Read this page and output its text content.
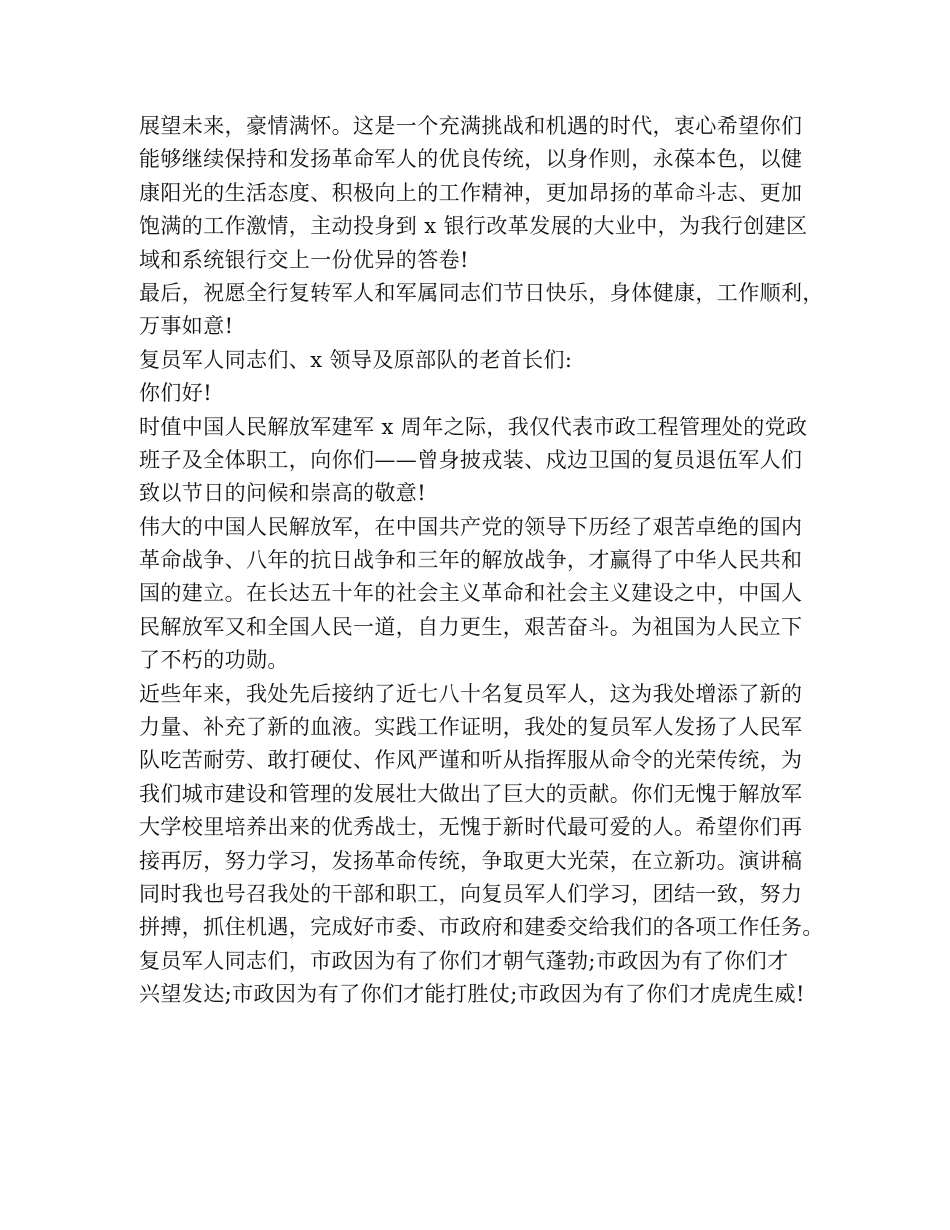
展望未来，豪情满怀。这是一个充满挑战和机遇的时代，衷心希望你们
能够继续保持和发扬革命军人的优良传统，以身作则，永葆本色，以健
康阳光的生活态度、积极向上的工作精神，更加昂扬的革命斗志、更加
饱满的工作激情，主动投身到 x 银行改革发展的大业中，为我行创建区
域和系统银行交上一份优异的答卷!
最后，祝愿全行复转军人和军属同志们节日快乐，身体健康，工作顺利，
万事如意!
复员军人同志们、x 领导及原部队的老首长们:
你们好!
时值中国人民解放军建军 x 周年之际，我仅代表市政工程管理处的党政
班子及全体职工，向你们——曾身披戎装、戍边卫国的复员退伍军人们
致以节日的问候和崇高的敬意!
伟大的中国人民解放军，在中国共产党的领导下历经了艰苦卓绝的国内
革命战争、八年的抗日战争和三年的解放战争，才赢得了中华人民共和
国的建立。在长达五十年的社会主义革命和社会主义建设之中，中国人
民解放军又和全国人民一道，自力更生，艰苦奋斗。为祖国为人民立下
了不朽的功勋。
近些年来，我处先后接纳了近七八十名复员军人，这为我处增添了新的
力量、补充了新的血液。实践工作证明，我处的复员军人发扬了人民军
队吃苦耐劳、敢打硬仗、作风严谨和听从指挥服从命令的光荣传统，为
我们城市建设和管理的发展壮大做出了巨大的贡献。你们无愧于解放军
大学校里培养出来的优秀战士，无愧于新时代最可爱的人。希望你们再
接再厉，努力学习，发扬革命传统，争取更大光荣，在立新功。演讲稿
同时我也号召我处的干部和职工，向复员军人们学习，团结一致，努力
拼搏，抓住机遇，完成好市委、市政府和建委交给我们的各项工作任务。
复员军人同志们，市政因为有了你们才朝气蓬勃;市政因为有了你们才
兴望发达;市政因为有了你们才能打胜仗;市政因为有了你们才虎虎生威!
